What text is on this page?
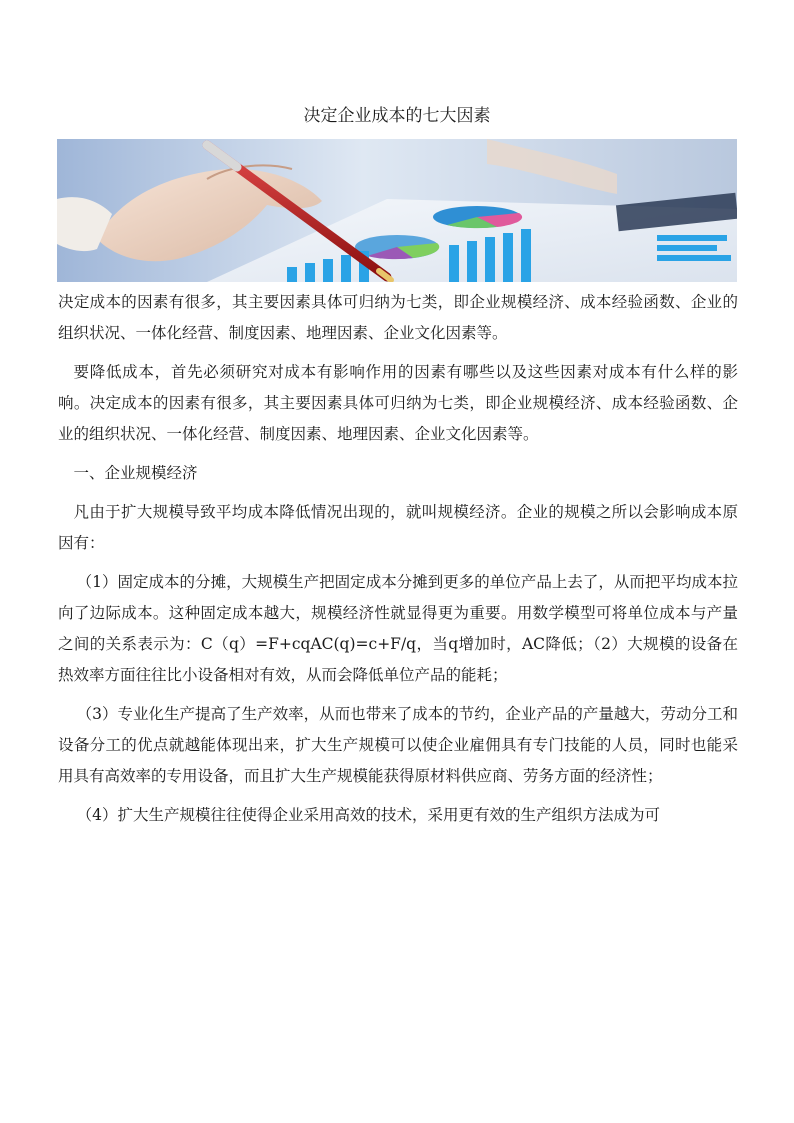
决定企业成本的七大因素

决定成本的因素有很多，其主要因素具体可归纳为七类，即企业规模经济、成本经验函数、企业的组织状况、一体化经营、制度因素、地理因素、企业文化因素等。

要降低成本，首先必须研究对成本有影响作用的因素有哪些以及这些因素对成本有什么样的影响。决定成本的因素有很多，其主要因素具体可归纳为七类，即企业规模经济、成本经验函数、企业的组织状况、一体化经营、制度因素、地理因素、企业文化因素等。

一、企业规模经济

凡由于扩大规模导致平均成本降低情况出现的，就叫规模经济。企业的规模之所以会影响成本原因有：

（1）固定成本的分摊，大规模生产把固定成本分摊到更多的单位产品上去了，从而把平均成本拉向了边际成本。这种固定成本越大，规模经济性就显得更为重要。用数学模型可将单位成本与产量之间的关系表示为：C（q）=F+cqAC(q)=c+F/q，当q增加时，AC降低；（2）大规模的设备在热效率方面往往比小设备相对有效，从而会降低单位产品的能耗；

（3）专业化生产提高了生产效率，从而也带来了成本的节约，企业产品的产量越大，劳动分工和设备分工的优点就越能体现出来，扩大生产规模可以使企业雇佣具有专门技能的人员，同时也能采用具有高效率的专用设备，而且扩大生产规模能获得原材料供应商、劳务方面的经济性；

（4）扩大生产规模往往使得企业采用高效的技术，采用更有效的生产组织方法成为可
